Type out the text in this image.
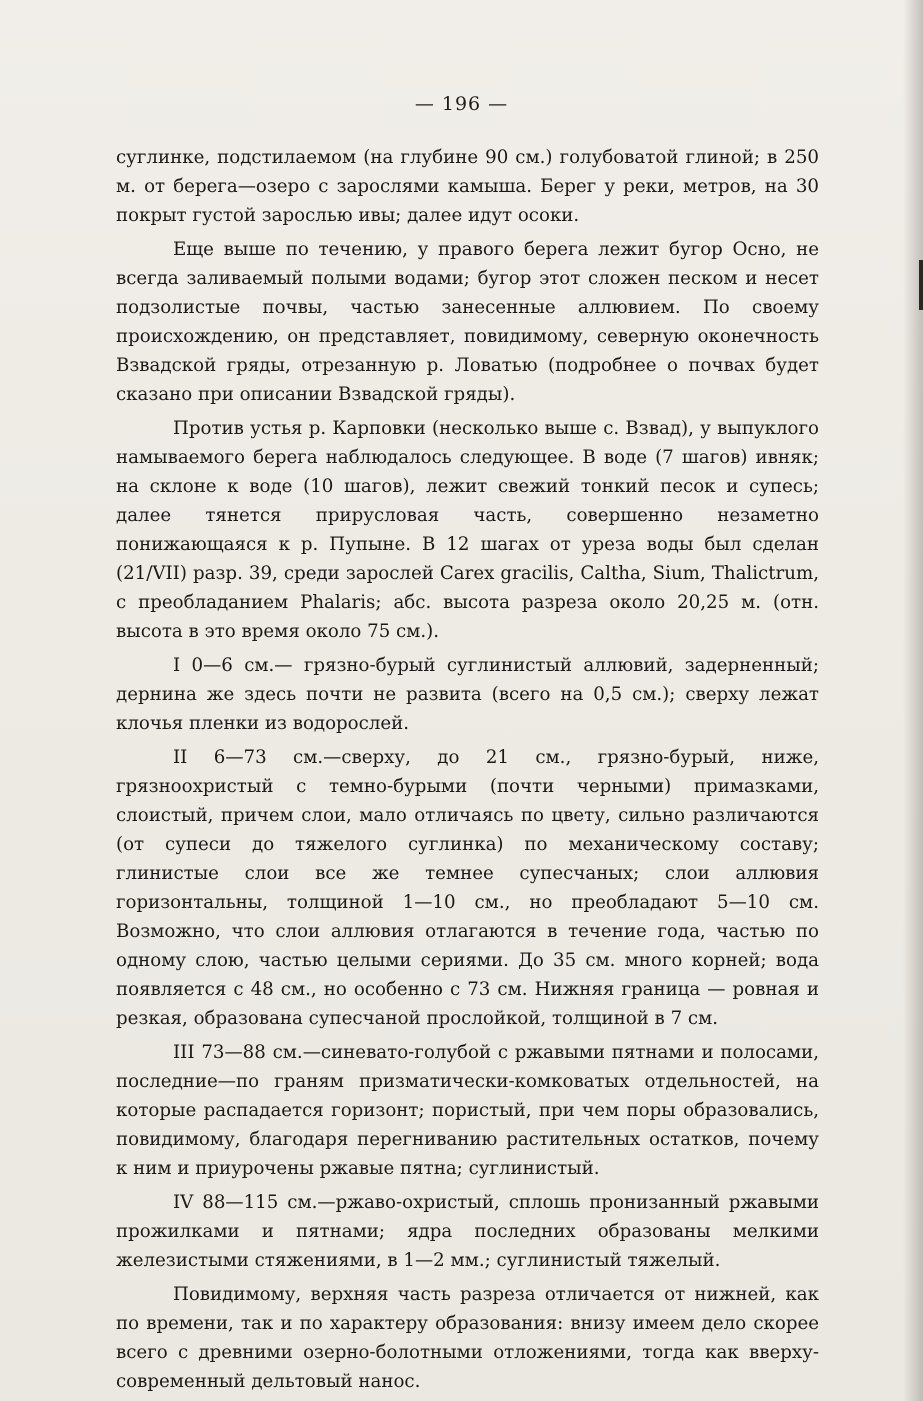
— 196 —

суглинке, подстилаемом (на глубине 90 см.) голубоватой глиной; в 250 м. от берега—озеро с зарослями камыша. Берег у реки, метров, на 30 покрыт густой зарослью ивы; далее идут осоки.

Еще выше по течению, у правого берега лежит бугор Осно, не всегда заливаемый полыми водами; бугор этот сложен песком и несет подзолистые почвы, частью занесенные аллювием. По своему происхождению, он представляет, повидимому, северную оконечность Взвадской гряды, отрезанную р. Ловатью (подробнее о почвах будет сказано при описании Взвадской гряды).

Против устья р. Карповки (несколько выше с. Взвад), у выпуклого намываемого берега наблюдалось следующее. В воде (7 шагов) ивняк; на склоне к воде (10 шагов), лежит свежий тонкий песок и супесь; далее тянется прирусловая часть, совершенно незаметно понижающаяся к р. Пупыне. В 12 шагах от уреза воды был сделан (21/VII) разр. 39, среди зарослей Carex gracilis, Caltha, Sium, Thalictrum, с преобладанием Phalaris; абс. высота разреза около 20,25 м. (отн. высота в это время около 75 см.).

I 0—6 см.— грязно-бурый суглинистый аллювий, задерненный; дернина же здесь почти не развита (всего на 0,5 см.); сверху лежат клочья пленки из водорослей.

II 6—73 см.—сверху, до 21 см., грязно-бурый, ниже, грязноохристый с темно-бурыми (почти черными) примазками, слоистый, причем слои, мало отличаясь по цвету, сильно различаются (от супеси до тяжелого суглинка) по механическому составу; глинистые слои все же темнее супесчаных; слои аллювия горизонтальны, толщиной 1—10 см., но преобладают 5—10 см. Возможно, что слои аллювия отлагаются в течение года, частью по одному слою, частью целыми сериями. До 35 см. много корней; вода появляется с 48 см., но особенно с 73 см. Нижняя граница — ровная и резкая, образована супесчаной прослойкой, толщиной в 7 см.

III 73—88 см.—синевато-голубой с ржавыми пятнами и полосами, последние—по граням призматически-комковатых отдельностей, на которые распадается горизонт; пористый, при чем поры образовались, повидимому, благодаря перегниванию растительных остатков, почему к ним и приурочены ржавые пятна; суглинистый.

IV 88—115 см.—ржаво-охристый, сплошь пронизанный ржавыми прожилками и пятнами; ядра последних образованы мелкими железистыми стяжениями, в 1—2 мм.; суглинистый тяжелый.

Повидимому, верхняя часть разреза отличается от нижней, как по времени, так и по характеру образования: внизу имеем дело скорее всего с древними озерно-болотными отложениями, тогда как вверху-современный дельтовый нанос.
